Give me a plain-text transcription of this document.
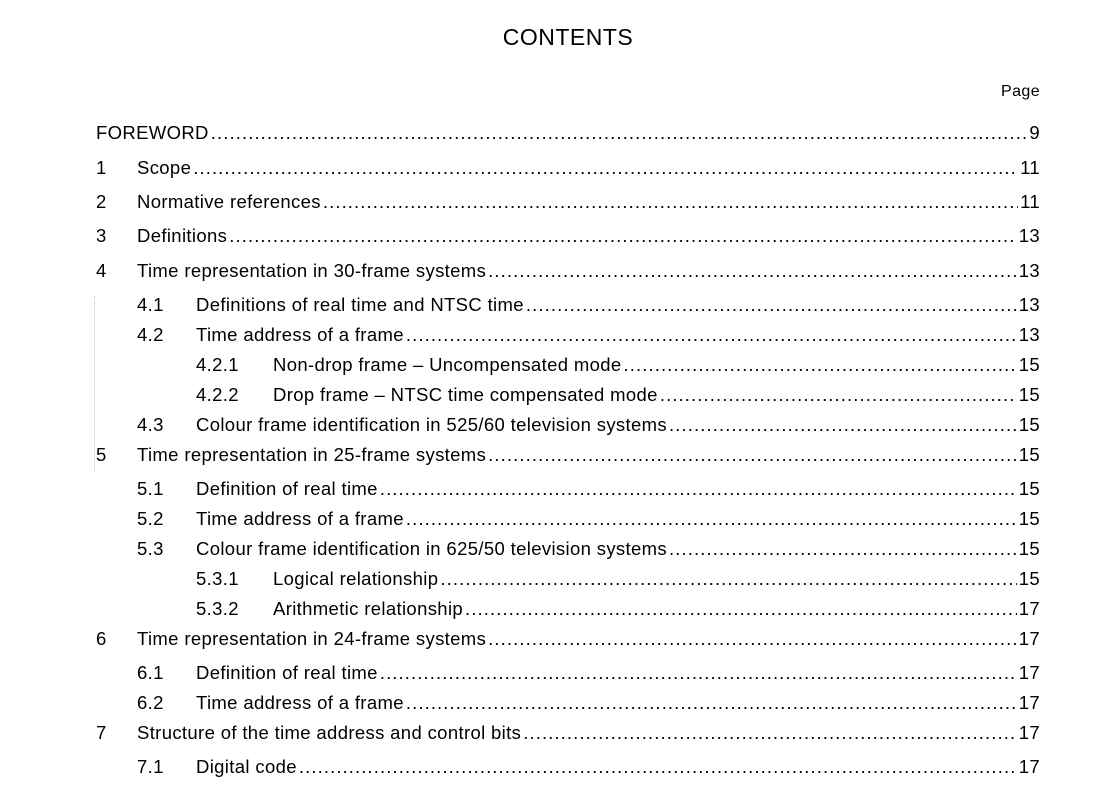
CONTENTS
Page
FOREWORD .....	9
1	Scope .....	11
2	Normative references .....	11
3	Definitions .....	13
4	Time representation in 30-frame systems .....	13
4.1	Definitions of real time and NTSC time .....	13
4.2	Time address of a frame .....	13
4.2.1	Non-drop frame – Uncompensated mode .....	15
4.2.2	Drop frame – NTSC time compensated mode .....	15
4.3	Colour frame identification in 525/60 television systems .....	15
5	Time representation in 25-frame systems .....	15
5.1	Definition of real time .....	15
5.2	Time address of a frame .....	15
5.3	Colour frame identification in 625/50 television systems .....	15
5.3.1	Logical relationship .....	15
5.3.2	Arithmetic relationship .....	17
6	Time representation in 24-frame systems .....	17
6.1	Definition of real time .....	17
6.2	Time address of a frame .....	17
7	Structure of the time address and control bits .....	17
7.1	Digital code .....	17
